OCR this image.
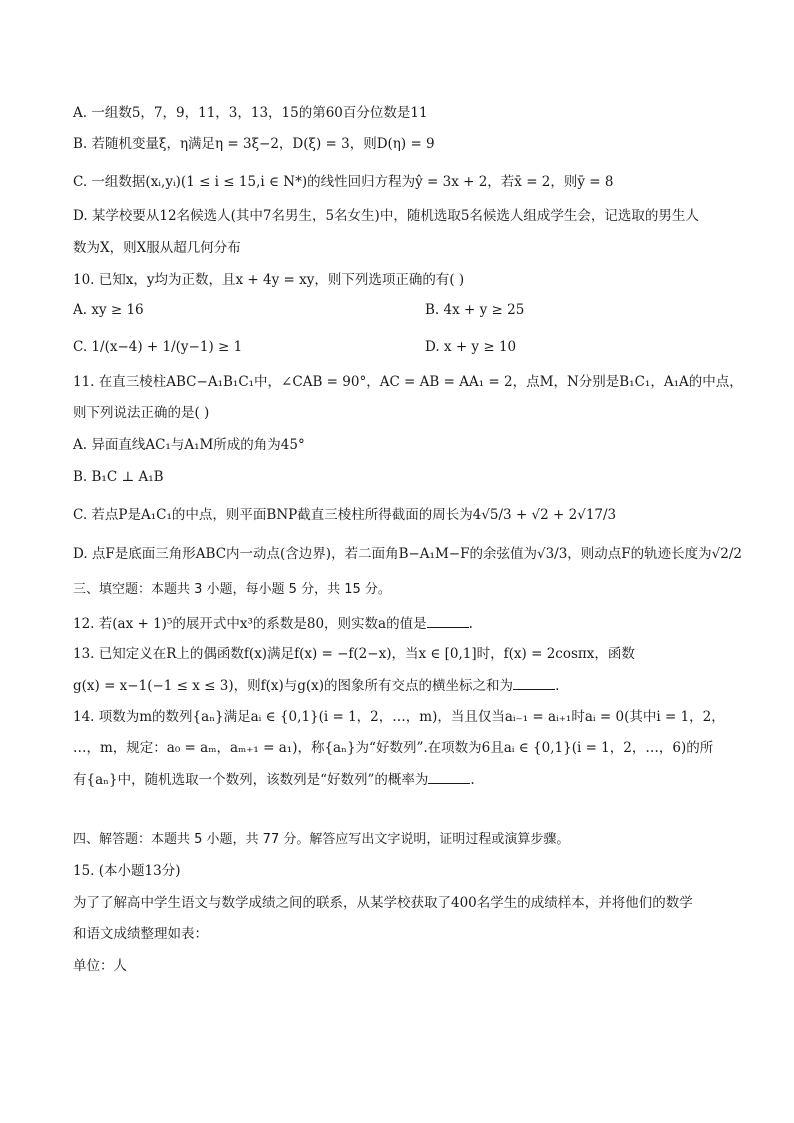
A. 一组数5，7，9，11，3，13，15的第60百分位数是11
B. 若随机变量ξ，η满足η = 3ξ−2，D(ξ) = 3，则D(η) = 9
C. 一组数据(xᵢ,yᵢ)(1 ≤ i ≤ 15,i ∈ N*)的线性回归方程为ŷ = 3x + 2，若x̄ = 2，则ȳ = 8
D. 某学校要从12名候选人(其中7名男生，5名女生)中，随机选取5名候选人组成学生会，记选取的男生人
数为X，则X服从超几何分布
10. 已知x，y均为正数，且x + 4y = xy，则下列选项正确的有( )
A. xy ≥ 16	B. 4x + y ≥ 25
C. 1/(x−4) + 1/(y−1) ≥ 1	D. x + y ≥ 10
11. 在直三棱柱ABC−A₁B₁C₁中，∠CAB = 90°，AC = AB = AA₁ = 2，点M，N分别是B₁C₁，A₁A的中点，
则下列说法正确的是( )
A. 异面直线AC₁与A₁M所成的角为45°
B. B₁C ⊥ A₁B
C. 若点P是A₁C₁的中点，则平面BNP截直三棱柱所得截面的周长为4√5/3 + √2 + 2√17/3
D. 点F是底面三角形ABC内一动点(含边界)，若二面角B−A₁M−F的余弦值为√3/3，则动点F的轨迹长度为√2/2
三、填空题：本题共 3 小题，每小题 5 分，共 15 分。
12. 若(ax + 1)⁵的展开式中x³的系数是80，则实数a的值是	.
13. 已知定义在R上的偶函数f(x)满足f(x) = −f(2−x)，当x ∈ [0,1]时，f(x) = 2cosπx，函数
g(x) = x−1(−1 ≤ x ≤ 3)，则f(x)与g(x)的图象所有交点的横坐标之和为	.
14. 项数为m的数列{aₙ}满足aᵢ ∈ {0,1}(i = 1，2，…，m)，当且仅当aᵢ₋₁ = aᵢ₊₁时aᵢ = 0(其中i = 1，2，
…，m，规定：a₀ = aₘ，aₘ₊₁ = a₁)，称{aₙ}为“好数列”.在项数为6且aᵢ ∈ {0,1}(i = 1，2，…，6)的所
有{aₙ}中，随机选取一个数列，该数列是“好数列”的概率为	.
四、解答题：本题共 5 小题，共 77 分。解答应写出文字说明，证明过程或演算步骤。
15. (本小题13分)
为了了解高中学生语文与数学成绩之间的联系，从某学校获取了400名学生的成绩样本，并将他们的数学
和语文成绩整理如表：
单位：人
